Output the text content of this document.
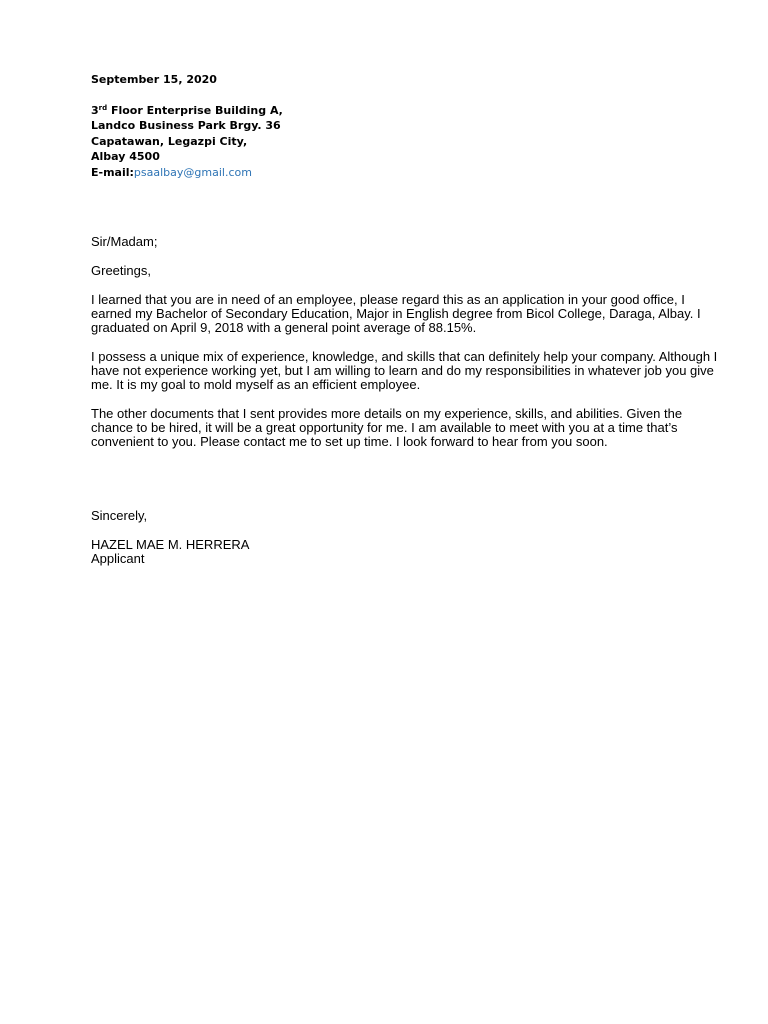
September 15, 2020
3rd Floor Enterprise Building A,
Landco Business Park Brgy. 36
Capatawan, Legazpi City,
Albay 4500
E-mail:psaalbay@gmail.com

Sir/Madam;

Greetings,

I learned that you are in need of an employee, please regard this as an application in your good office, I earned my Bachelor of Secondary Education, Major in English degree from Bicol College, Daraga, Albay. I graduated on April 9, 2018 with a general point average of 88.15%.

I possess a unique mix of experience, knowledge, and skills that can definitely help your company. Although I have not experience working yet, but I am willing to learn and do my responsibilities in whatever job you give me. It is my goal to mold myself as an efficient employee.

The other documents that I sent provides more details on my experience, skills, and abilities. Given the chance to be hired, it will be a great opportunity for me. I am available to meet with you at a time that’s convenient to you. Please contact me to set up time. I look forward to hear from you soon.

Sincerely,

HAZEL MAE M. HERRERA

Applicant
